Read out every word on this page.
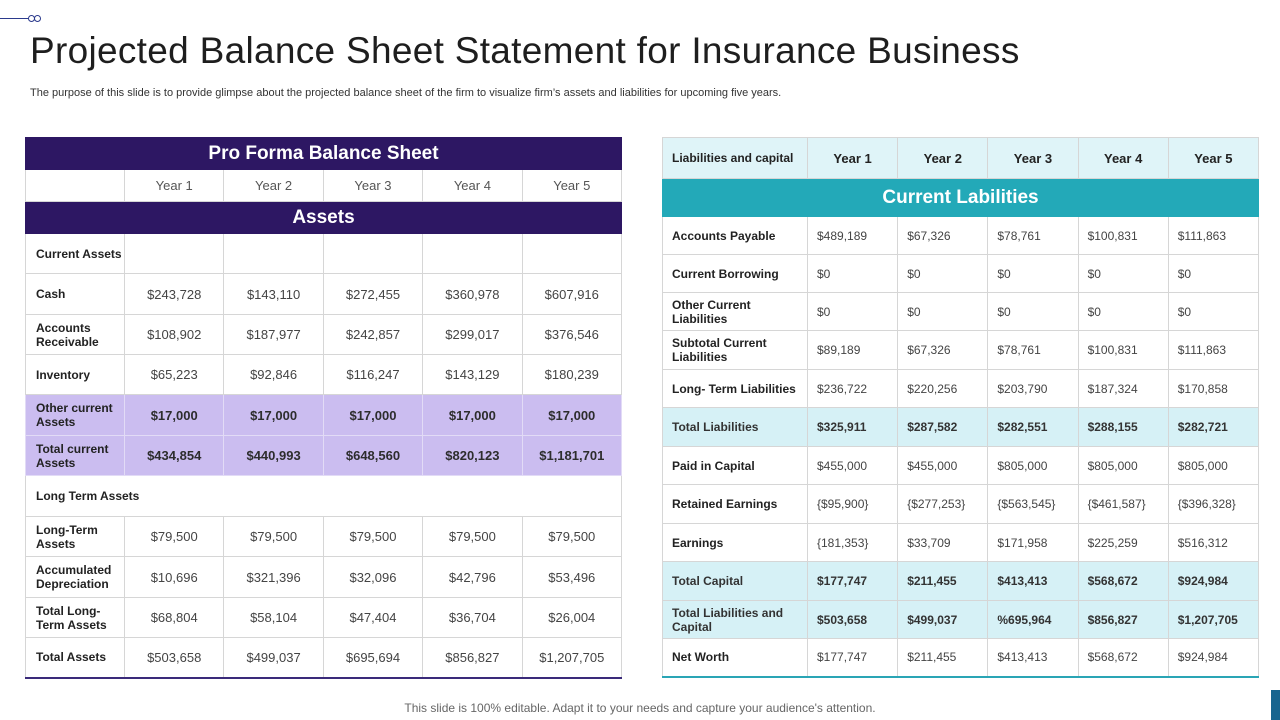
Projected Balance Sheet Statement for Insurance Business

The purpose of this slide is to provide glimpse about the projected balance sheet of the firm to visualize firm’s assets and liabilities for upcoming five years.

Pro Forma Balance Sheet					
	Year 1	Year 2	Year 3	Year 4	Year 5
Assets					
Current Assets					
Cash	$243,728	$143,110	$272,455	$360,978	$607,916
Accounts Receivable	$108,902	$187,977	$242,857	$299,017	$376,546
Inventory	$65,223	$92,846	$116,247	$143,129	$180,239
Other current Assets	$17,000	$17,000	$17,000	$17,000	$17,000
Total current Assets	$434,854	$440,993	$648,560	$820,123	$1,181,701
Long Term Assets					
Long-Term Assets	$79,500	$79,500	$79,500	$79,500	$79,500
Accumulated Depreciation	$10,696	$321,396	$32,096	$42,796	$53,496
Total Long-Term Assets	$68,804	$58,104	$47,404	$36,704	$26,004
Total Assets	$503,658	$499,037	$695,694	$856,827	$1,207,705
Liabilities and capital	Year 1	Year 2	Year 3	Year 4	Year 5
Current Labilities					
Accounts Payable	$489,189	$67,326	$78,761	$100,831	$111,863
Current Borrowing	$0	$0	$0	$0	$0
Other Current Liabilities	$0	$0	$0	$0	$0
Subtotal Current Liabilities	$89,189	$67,326	$78,761	$100,831	$111,863
Long- Term Liabilities	$236,722	$220,256	$203,790	$187,324	$170,858
Total Liabilities	$325,911	$287,582	$282,551	$288,155	$282,721
Paid in Capital	$455,000	$455,000	$805,000	$805,000	$805,000
Retained Earnings	{$95,900}	{$277,253}	{$563,545}	{$461,587}	{$396,328}
Earnings	{181,353}	$33,709	$171,958	$225,259	$516,312
Total Capital	$177,747	$211,455	$413,413	$568,672	$924,984
Total Liabilities and Capital	$503,658	$499,037	%695,964	$856,827	$1,207,705
Net Worth	$177,747	$211,455	$413,413	$568,672	$924,984

This slide is 100% editable. Adapt it to your needs and capture your audience's attention.
